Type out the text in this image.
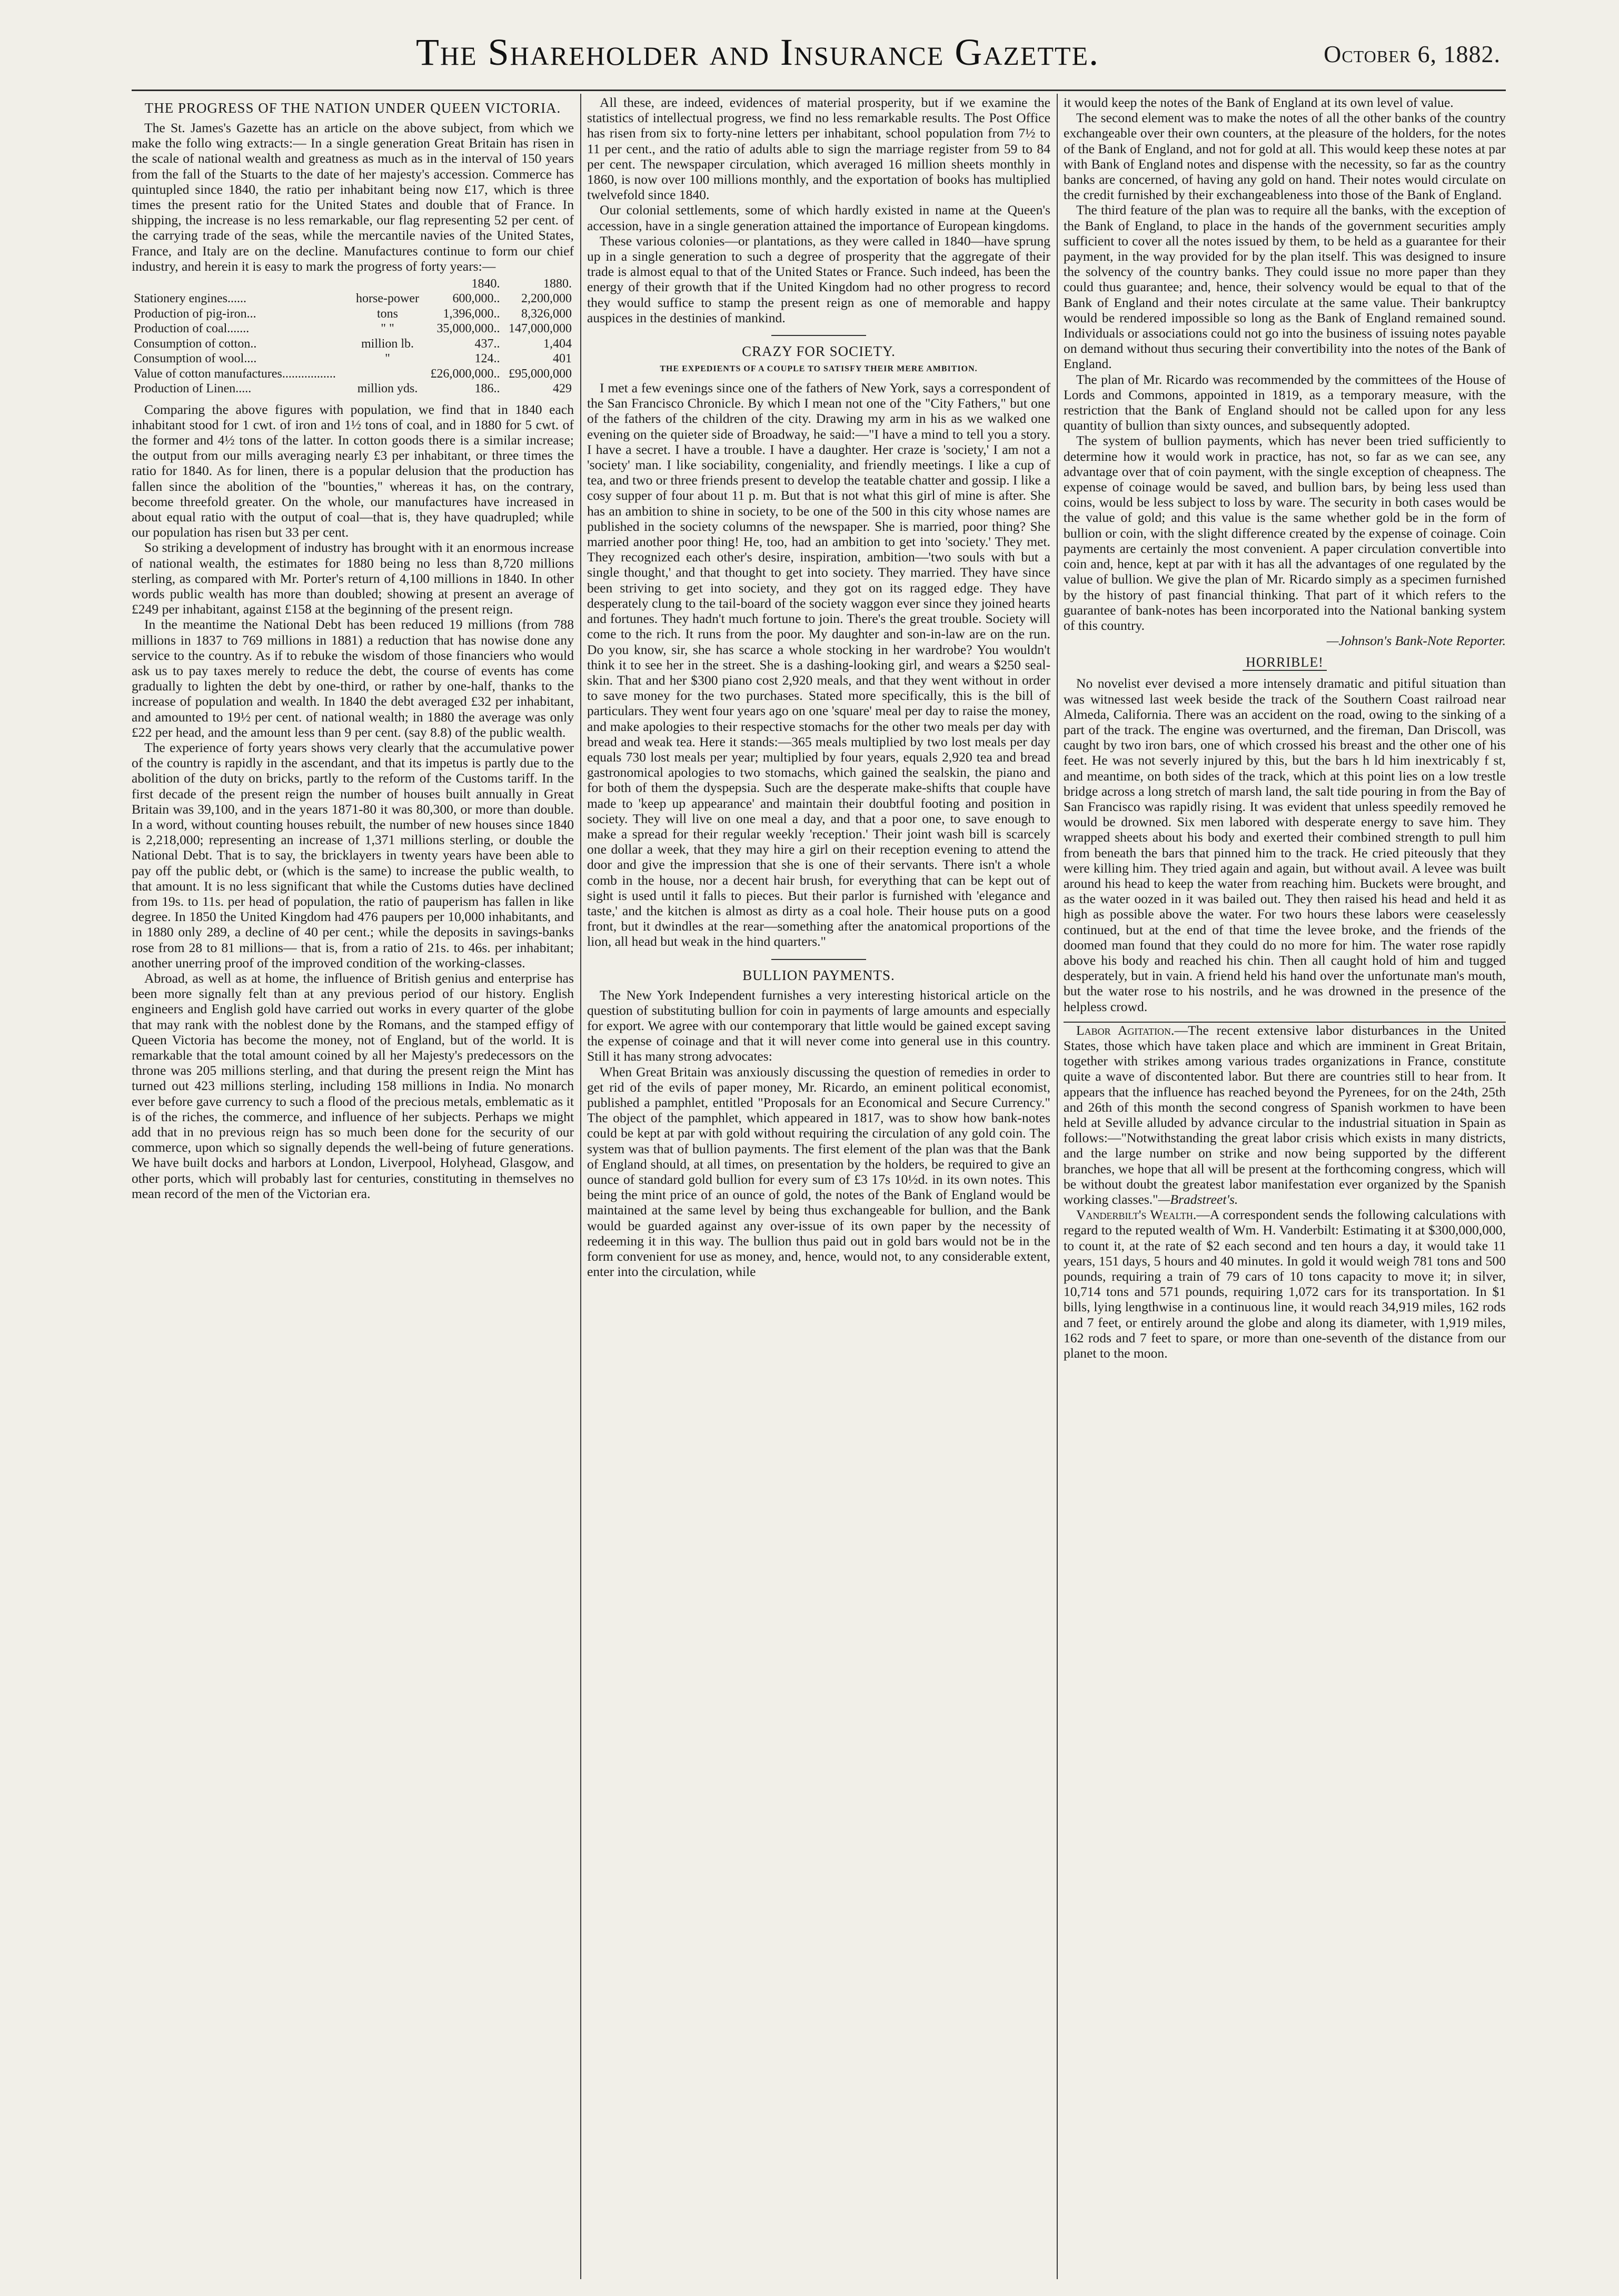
The Shareholder and Insurance Gazette.	October 6, 1882.
THE PROGRESS OF THE NATION UNDER QUEEN VICTORIA.

The St. James's Gazette has an article on the above subject, from which we make the follo wing extracts:— In a single generation Great Britain has risen in the scale of national wealth and greatness as much as in the interval of 150 years from the fall of the Stuarts to the date of her majesty's accession. Commerce has quintupled since 1840, the ratio per inhabitant being now £17, which is three times the present ratio for the United States and double that of France. In shipping, the increase is no less remarkable, our flag representing 52 per cent. of the carrying trade of the seas, while the mercantile navies of the United States, France, and Italy are on the decline. Manufactures continue to form our chief industry, and herein it is easy to mark the progress of forty years:—

		1840.	1880.
Stationery engines......	horse-power	600,000..	2,200,000
Production of pig-iron...	tons	1,396,000..	8,326,000
Production of coal.......	" "	35,000,000..	147,000,000
Consumption of cotton..	million lb.	437..	1,404
Consumption of wool....	"	124..	401
Value of cotton manufactures.................		£26,000,000..	£95,000,000
Production of Linen.....	million yds.	186..	429

Comparing the above figures with population, we find that in 1840 each inhabitant stood for 1 cwt. of iron and 1½ tons of coal, and in 1880 for 5 cwt. of the former and 4½ tons of the latter. In cotton goods there is a similar increase; the output from our mills averaging nearly £3 per inhabitant, or three times the ratio for 1840. As for linen, there is a popular delusion that the production has fallen since the abolition of the "bounties," whereas it has, on the contrary, become threefold greater. On the whole, our manufactures have increased in about equal ratio with the output of coal—that is, they have quadrupled; while our population has risen but 33 per cent.

So striking a development of industry has brought with it an enormous increase of national wealth, the estimates for 1880 being no less than 8,720 millions sterling, as compared with Mr. Porter's return of 4,100 millions in 1840. In other words public wealth has more than doubled; showing at present an average of £249 per inhabitant, against £158 at the beginning of the present reign.

In the meantime the National Debt has been reduced 19 millions (from 788 millions in 1837 to 769 millions in 1881) a reduction that has nowise done any service to the country. As if to rebuke the wisdom of those financiers who would ask us to pay taxes merely to reduce the debt, the course of events has come gradually to lighten the debt by one-third, or rather by one-half, thanks to the increase of population and wealth. In 1840 the debt averaged £32 per inhabitant, and amounted to 19½ per cent. of national wealth; in 1880 the average was only £22 per head, and the amount less than 9 per cent. (say 8.8) of the public wealth.

The experience of forty years shows very clearly that the accumulative power of the country is rapidly in the ascendant, and that its impetus is partly due to the abolition of the duty on bricks, partly to the reform of the Customs tariff. In the first decade of the present reign the number of houses built annually in Great Britain was 39,100, and in the years 1871-80 it was 80,300, or more than double. In a word, without counting houses rebuilt, the number of new houses since 1840 is 2,218,000; representing an increase of 1,371 millions sterling, or double the National Debt. That is to say, the bricklayers in twenty years have been able to pay off the public debt, or (which is the same) to increase the public wealth, to that amount. It is no less significant that while the Customs duties have declined from 19s. to 11s. per head of population, the ratio of pauperism has fallen in like degree. In 1850 the United Kingdom had 476 paupers per 10,000 inhabitants, and in 1880 only 289, a decline of 40 per cent.; while the deposits in savings-banks rose from 28 to 81 millions— that is, from a ratio of 21s. to 46s. per inhabitant; another unerring proof of the improved condition of the working-classes.

Abroad, as well as at home, the influence of British genius and enterprise has been more signally felt than at any previous period of our history. English engineers and English gold have carried out works in every quarter of the globe that may rank with the noblest done by the Romans, and the stamped effigy of Queen Victoria has become the money, not of England, but of the world. It is remarkable that the total amount coined by all her Majesty's predecessors on the throne was 205 millions sterling, and that during the present reign the Mint has turned out 423 millions sterling, including 158 millions in India. No monarch ever before gave currency to such a flood of the precious metals, emblematic as it is of the riches, the commerce, and influence of her subjects. Perhaps we might add that in no previous reign has so much been done for the security of our commerce, upon which so signally depends the well-being of future generations. We have built docks and harbors at London, Liverpool, Holyhead, Glasgow, and other ports, which will probably last for centuries, constituting in themselves no mean record of the men of the Victorian era.

All these, are indeed, evidences of material prosperity, but if we examine the statistics of intellectual progress, we find no less remarkable results. The Post Office has risen from six to forty-nine letters per inhabitant, school population from 7½ to 11 per cent., and the ratio of adults able to sign the marriage register from 59 to 84 per cent. The newspaper circulation, which averaged 16 million sheets monthly in 1860, is now over 100 millions monthly, and the exportation of books has multiplied twelvefold since 1840.

Our colonial settlements, some of which hardly existed in name at the Queen's accession, have in a single generation attained the importance of European kingdoms.

These various colonies—or plantations, as they were called in 1840—have sprung up in a single generation to such a degree of prosperity that the aggregate of their trade is almost equal to that of the United States or France. Such indeed, has been the energy of their growth that if the United Kingdom had no other progress to record they would suffice to stamp the present reign as one of memorable and happy auspices in the destinies of mankind.

CRAZY FOR SOCIETY.
THE EXPEDIENTS OF A COUPLE TO SATISFY THEIR MERE AMBITION.

I met a few evenings since one of the fathers of New York, says a correspondent of the San Francisco Chronicle. By which I mean not one of the "City Fathers," but one of the fathers of the children of the city. Drawing my arm in his as we walked one evening on the quieter side of Broadway, he said:—"I have a mind to tell you a story. I have a secret. I have a trouble. I have a daughter. Her craze is 'society,' I am not a 'society' man. I like sociability, congeniality, and friendly meetings. I like a cup of tea, and two or three friends present to develop the teatable chatter and gossip. I like a cosy supper of four about 11 p. m. But that is not what this girl of mine is after. She has an ambition to shine in society, to be one of the 500 in this city whose names are published in the society columns of the newspaper. She is married, poor thing? She married another poor thing! He, too, had an ambition to get into 'society.' They met. They recognized each other's desire, inspiration, ambition—'two souls with but a single thought,' and that thought to get into society. They married. They have since been striving to get into society, and they got on its ragged edge. They have desperately clung to the tail-board of the society waggon ever since they joined hearts and fortunes. They hadn't much fortune to join. There's the great trouble. Society will come to the rich. It runs from the poor. My daughter and son-in-law are on the run. Do you know, sir, she has scarce a whole stocking in her wardrobe? You wouldn't think it to see her in the street. She is a dashing-looking girl, and wears a $250 seal-skin. That and her $300 piano cost 2,920 meals, and that they went without in order to save money for the two purchases. Stated more specifically, this is the bill of particulars. They went four years ago on one 'square' meal per day to raise the money, and make apologies to their respective stomachs for the other two meals per day with bread and weak tea. Here it stands:—365 meals multiplied by two lost meals per day equals 730 lost meals per year; multiplied by four years, equals 2,920 tea and bread gastronomical apologies to two stomachs, which gained the sealskin, the piano and for both of them the dyspepsia. Such are the desperate make-shifts that couple have made to 'keep up appearance' and maintain their doubtful footing and position in society. They will live on one meal a day, and that a poor one, to save enough to make a spread for their regular weekly 'reception.' Their joint wash bill is scarcely one dollar a week, that they may hire a girl on their reception evening to attend the door and give the impression that she is one of their servants. There isn't a whole comb in the house, nor a decent hair brush, for everything that can be kept out of sight is used until it falls to pieces. But their parlor is furnished with 'elegance and taste,' and the kitchen is almost as dirty as a coal hole. Their house puts on a good front, but it dwindles at the rear—something after the anatomical proportions of the lion, all head but weak in the hind quarters."

BULLION PAYMENTS.

The New York Independent furnishes a very interesting historical article on the question of substituting bullion for coin in payments of large amounts and especially for export. We agree with our contemporary that little would be gained except saving the expense of coinage and that it will never come into general use in this country. Still it has many strong advocates:

When Great Britain was anxiously discussing the question of remedies in order to get rid of the evils of paper money, Mr. Ricardo, an eminent political economist, published a pamphlet, entitled "Proposals for an Economical and Secure Currency." The object of the pamphlet, which appeared in 1817, was to show how bank-notes could be kept at par with gold without requiring the circulation of any gold coin. The system was that of bullion payments. The first element of the plan was that the Bank of England should, at all times, on presentation by the holders, be required to give an ounce of standard gold bullion for every sum of £3 17s 10½d. in its own notes. This being the mint price of an ounce of gold, the notes of the Bank of England would be maintained at the same level by being thus exchangeable for bullion, and the Bank would be guarded against any over-issue of its own paper by the necessity of redeeming it in this way. The bullion thus paid out in gold bars would not be in the form convenient for use as money, and, hence, would not, to any considerable extent, enter into the circulation, while

it would keep the notes of the Bank of England at its own level of value.

The second element was to make the notes of all the other banks of the country exchangeable over their own counters, at the pleasure of the holders, for the notes of the Bank of England, and not for gold at all. This would keep these notes at par with Bank of England notes and dispense with the necessity, so far as the country banks are concerned, of having any gold on hand. Their notes would circulate on the credit furnished by their exchangeableness into those of the Bank of England.

The third feature of the plan was to require all the banks, with the exception of the Bank of England, to place in the hands of the government securities amply sufficient to cover all the notes issued by them, to be held as a guarantee for their payment, in the way provided for by the plan itself. This was designed to insure the solvency of the country banks. They could issue no more paper than they could thus guarantee; and, hence, their solvency would be equal to that of the Bank of England and their notes circulate at the same value. Their bankruptcy would be rendered impossible so long as the Bank of England remained sound. Individuals or associations could not go into the business of issuing notes payable on demand without thus securing their convertibility into the notes of the Bank of England.

The plan of Mr. Ricardo was recommended by the committees of the House of Lords and Commons, appointed in 1819, as a temporary measure, with the restriction that the Bank of England should not be called upon for any less quantity of bullion than sixty ounces, and subsequently adopted.

The system of bullion payments, which has never been tried sufficiently to determine how it would work in practice, has not, so far as we can see, any advantage over that of coin payment, with the single exception of cheapness. The expense of coinage would be saved, and bullion bars, by being less used than coins, would be less subject to loss by ware. The security in both cases would be the value of gold; and this value is the same whether gold be in the form of bullion or coin, with the slight difference created by the expense of coinage. Coin payments are certainly the most convenient. A paper circulation convertible into coin and, hence, kept at par with it has all the advantages of one regulated by the value of bullion. We give the plan of Mr. Ricardo simply as a specimen furnished by the history of past financial thinking. That part of it which refers to the guarantee of bank-notes has been incorporated into the National banking system of this country.

—Johnson's Bank-Note Reporter.

HORRIBLE!

No novelist ever devised a more intensely dramatic and pitiful situation than was witnessed last week beside the track of the Southern Coast railroad near Almeda, California. There was an accident on the road, owing to the sinking of a part of the track. The engine was overturned, and the fireman, Dan Driscoll, was caught by two iron bars, one of which crossed his breast and the other one of his feet. He was not severly injured by this, but the bars h ld him inextricably f st, and meantime, on both sides of the track, which at this point lies on a low trestle bridge across a long stretch of marsh land, the salt tide pouring in from the Bay of San Francisco was rapidly rising. It was evident that unless speedily removed he would be drowned. Six men labored with desperate energy to save him. They wrapped sheets about his body and exerted their combined strength to pull him from beneath the bars that pinned him to the track. He cried piteously that they were killing him. They tried again and again, but without avail. A levee was built around his head to keep the water from reaching him. Buckets were brought, and as the water oozed in it was bailed out. They then raised his head and held it as high as possible above the water. For two hours these labors were ceaselessly continued, but at the end of that time the levee broke, and the friends of the doomed man found that they could do no more for him. The water rose rapidly above his body and reached his chin. Then all caught hold of him and tugged desperately, but in vain. A friend held his hand over the unfortunate man's mouth, but the water rose to his nostrils, and he was drowned in the presence of the helpless crowd.

Labor Agitation.—The recent extensive labor disturbances in the United States, those which have taken place and which are imminent in Great Britain, together with strikes among various trades organizations in France, constitute quite a wave of discontented labor. But there are countries still to hear from. It appears that the influence has reached beyond the Pyrenees, for on the 24th, 25th and 26th of this month the second congress of Spanish workmen to have been held at Seville alluded by advance circular to the industrial situation in Spain as follows:—"Notwithstanding the great labor crisis which exists in many districts, and the large number on strike and now being supported by the different branches, we hope that all will be present at the forthcoming congress, which will be without doubt the greatest labor manifestation ever organized by the Spanish working classes."—Bradstreet's.

Vanderbilt's Wealth.—A correspondent sends the following calculations with regard to the reputed wealth of Wm. H. Vanderbilt: Estimating it at $300,000,000, to count it, at the rate of $2 each second and ten hours a day, it would take 11 years, 151 days, 5 hours and 40 minutes. In gold it would weigh 781 tons and 500 pounds, requiring a train of 79 cars of 10 tons capacity to move it; in silver, 10,714 tons and 571 pounds, requiring 1,072 cars for its transportation. In $1 bills, lying lengthwise in a continuous line, it would reach 34,919 miles, 162 rods and 7 feet, or entirely around the globe and along its diameter, with 1,919 miles, 162 rods and 7 feet to spare, or more than one-seventh of the distance from our planet to the moon.
